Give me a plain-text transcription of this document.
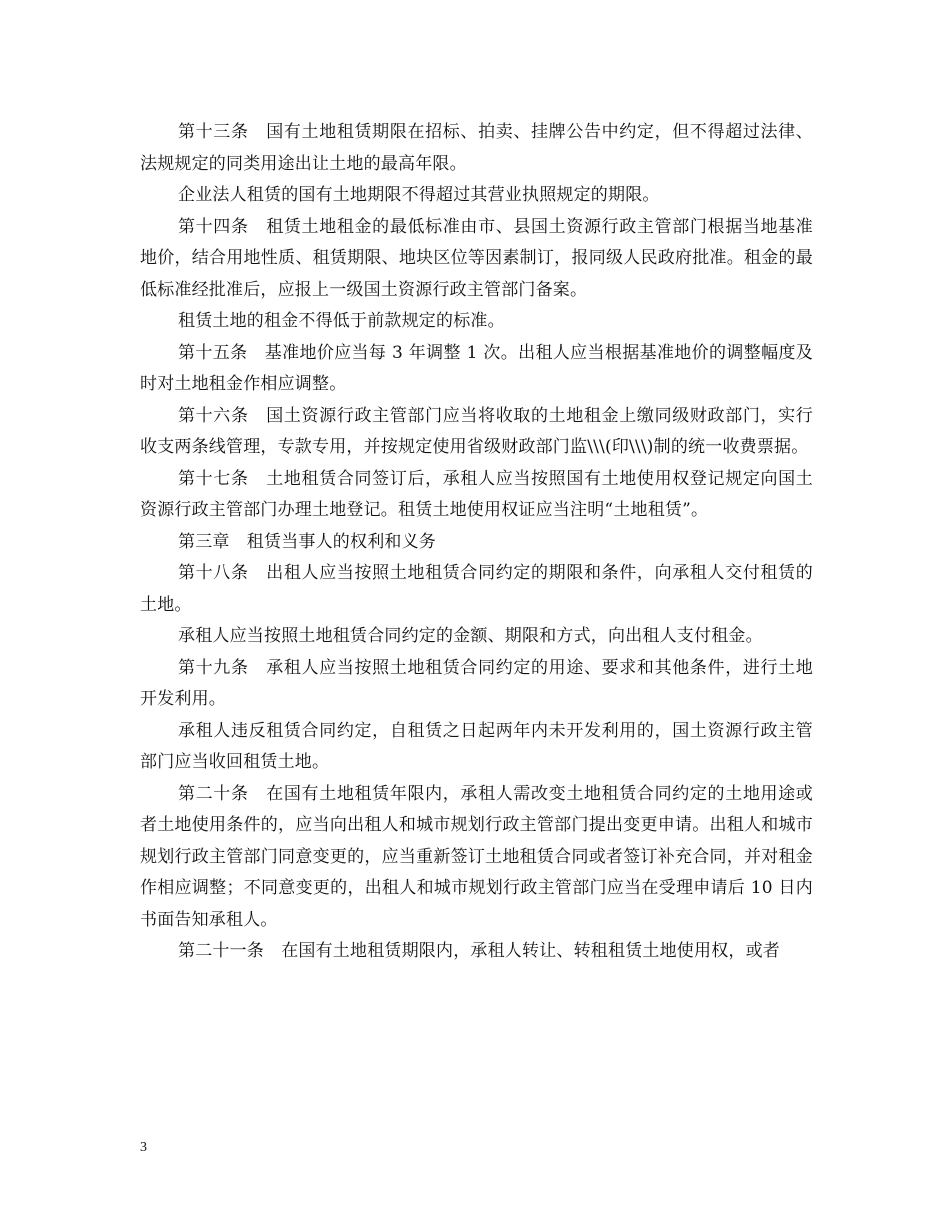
第十三条　国有土地租赁期限在招标、拍卖、挂牌公告中约定，但不得超过法律、法规规定的同类用途出让土地的最高年限。

企业法人租赁的国有土地期限不得超过其营业执照规定的期限。

第十四条　租赁土地租金的最低标准由市、县国土资源行政主管部门根据当地基准地价，结合用地性质、租赁期限、地块区位等因素制订，报同级人民政府批准。租金的最低标准经批准后，应报上一级国土资源行政主管部门备案。

租赁土地的租金不得低于前款规定的标准。

第十五条　基准地价应当每 3 年调整 1 次。出租人应当根据基准地价的调整幅度及时对土地租金作相应调整。

第十六条　国土资源行政主管部门应当将收取的土地租金上缴同级财政部门，实行收支两条线管理，专款专用，并按规定使用省级财政部门监\\\(印\\\)制的统一收费票据。

第十七条　土地租赁合同签订后，承租人应当按照国有土地使用权登记规定向国土资源行政主管部门办理土地登记。租赁土地使用权证应当注明“土地租赁”。

第三章　租赁当事人的权利和义务

第十八条　出租人应当按照土地租赁合同约定的期限和条件，向承租人交付租赁的土地。

承租人应当按照土地租赁合同约定的金额、期限和方式，向出租人支付租金。

第十九条　承租人应当按照土地租赁合同约定的用途、要求和其他条件，进行土地开发利用。

承租人违反租赁合同约定，自租赁之日起两年内未开发利用的，国土资源行政主管部门应当收回租赁土地。

第二十条　在国有土地租赁年限内，承租人需改变土地租赁合同约定的土地用途或者土地使用条件的，应当向出租人和城市规划行政主管部门提出变更申请。出租人和城市规划行政主管部门同意变更的，应当重新签订土地租赁合同或者签订补充合同，并对租金作相应调整；不同意变更的，出租人和城市规划行政主管部门应当在受理申请后 10 日内书面告知承租人。

第二十一条　在国有土地租赁期限内，承租人转让、转租租赁土地使用权，或者

3
